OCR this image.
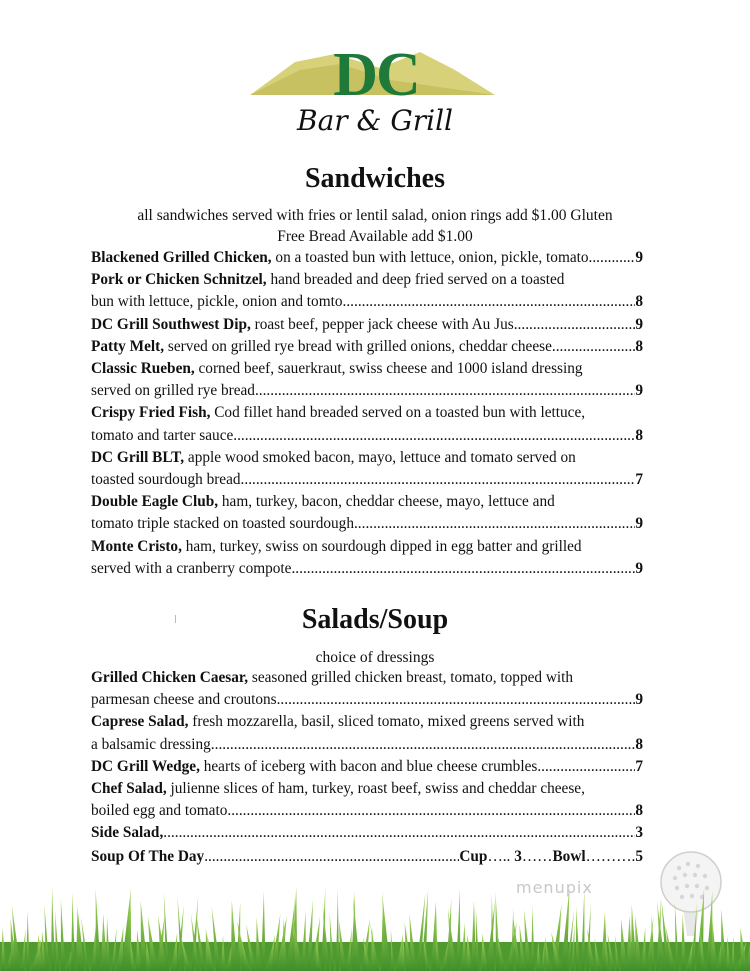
DC
Bar & Grill
Sandwiches
all sandwiches served with fries or lentil salad, onion rings add $1.00 Gluten
Free Bread Available add $1.00
Blackened Grilled Chicken, on a toasted bun with lettuce, onion, pickle, tomato .....	9
Pork or Chicken Schnitzel, hand breaded and deep fried served on a toasted
bun with lettuce, pickle, onion and tomto .....	8
DC Grill Southwest Dip, roast beef, pepper jack cheese with Au Jus .....	9
Patty Melt, served on grilled rye bread with grilled onions, cheddar cheese .....	8
Classic Rueben, corned beef, sauerkraut, swiss cheese and 1000 island dressing
served on grilled rye bread .....	9
Crispy Fried Fish, Cod fillet hand breaded served on a toasted bun with lettuce,
tomato and tarter sauce .....	8
DC Grill BLT, apple wood smoked bacon, mayo, lettuce and tomato served on
toasted sourdough bread .....	7
Double Eagle Club, ham, turkey, bacon, cheddar cheese, mayo, lettuce and
tomato triple stacked on toasted sourdough .....	9
Monte Cristo, ham, turkey, swiss on sourdough dipped in egg batter and grilled
served with a cranberry compote .....	9
Salads/Soup
choice of dressings
Grilled Chicken Caesar, seasoned grilled chicken breast, tomato, topped with
parmesan cheese and croutons .....	9
Caprese Salad, fresh mozzarella, basil, sliced tomato, mixed greens served with
a balsamic dressing .....	8
DC Grill Wedge, hearts of iceberg with bacon and blue cheese crumbles .....	7
Chef Salad, julienne slices of ham, turkey, roast beef, swiss and cheddar cheese,
boiled egg and tomato .....	8
Side Salad, .....	3
Soup Of The Day .....	Cup ….. 3 …… Bowl ………. 5
menupix
